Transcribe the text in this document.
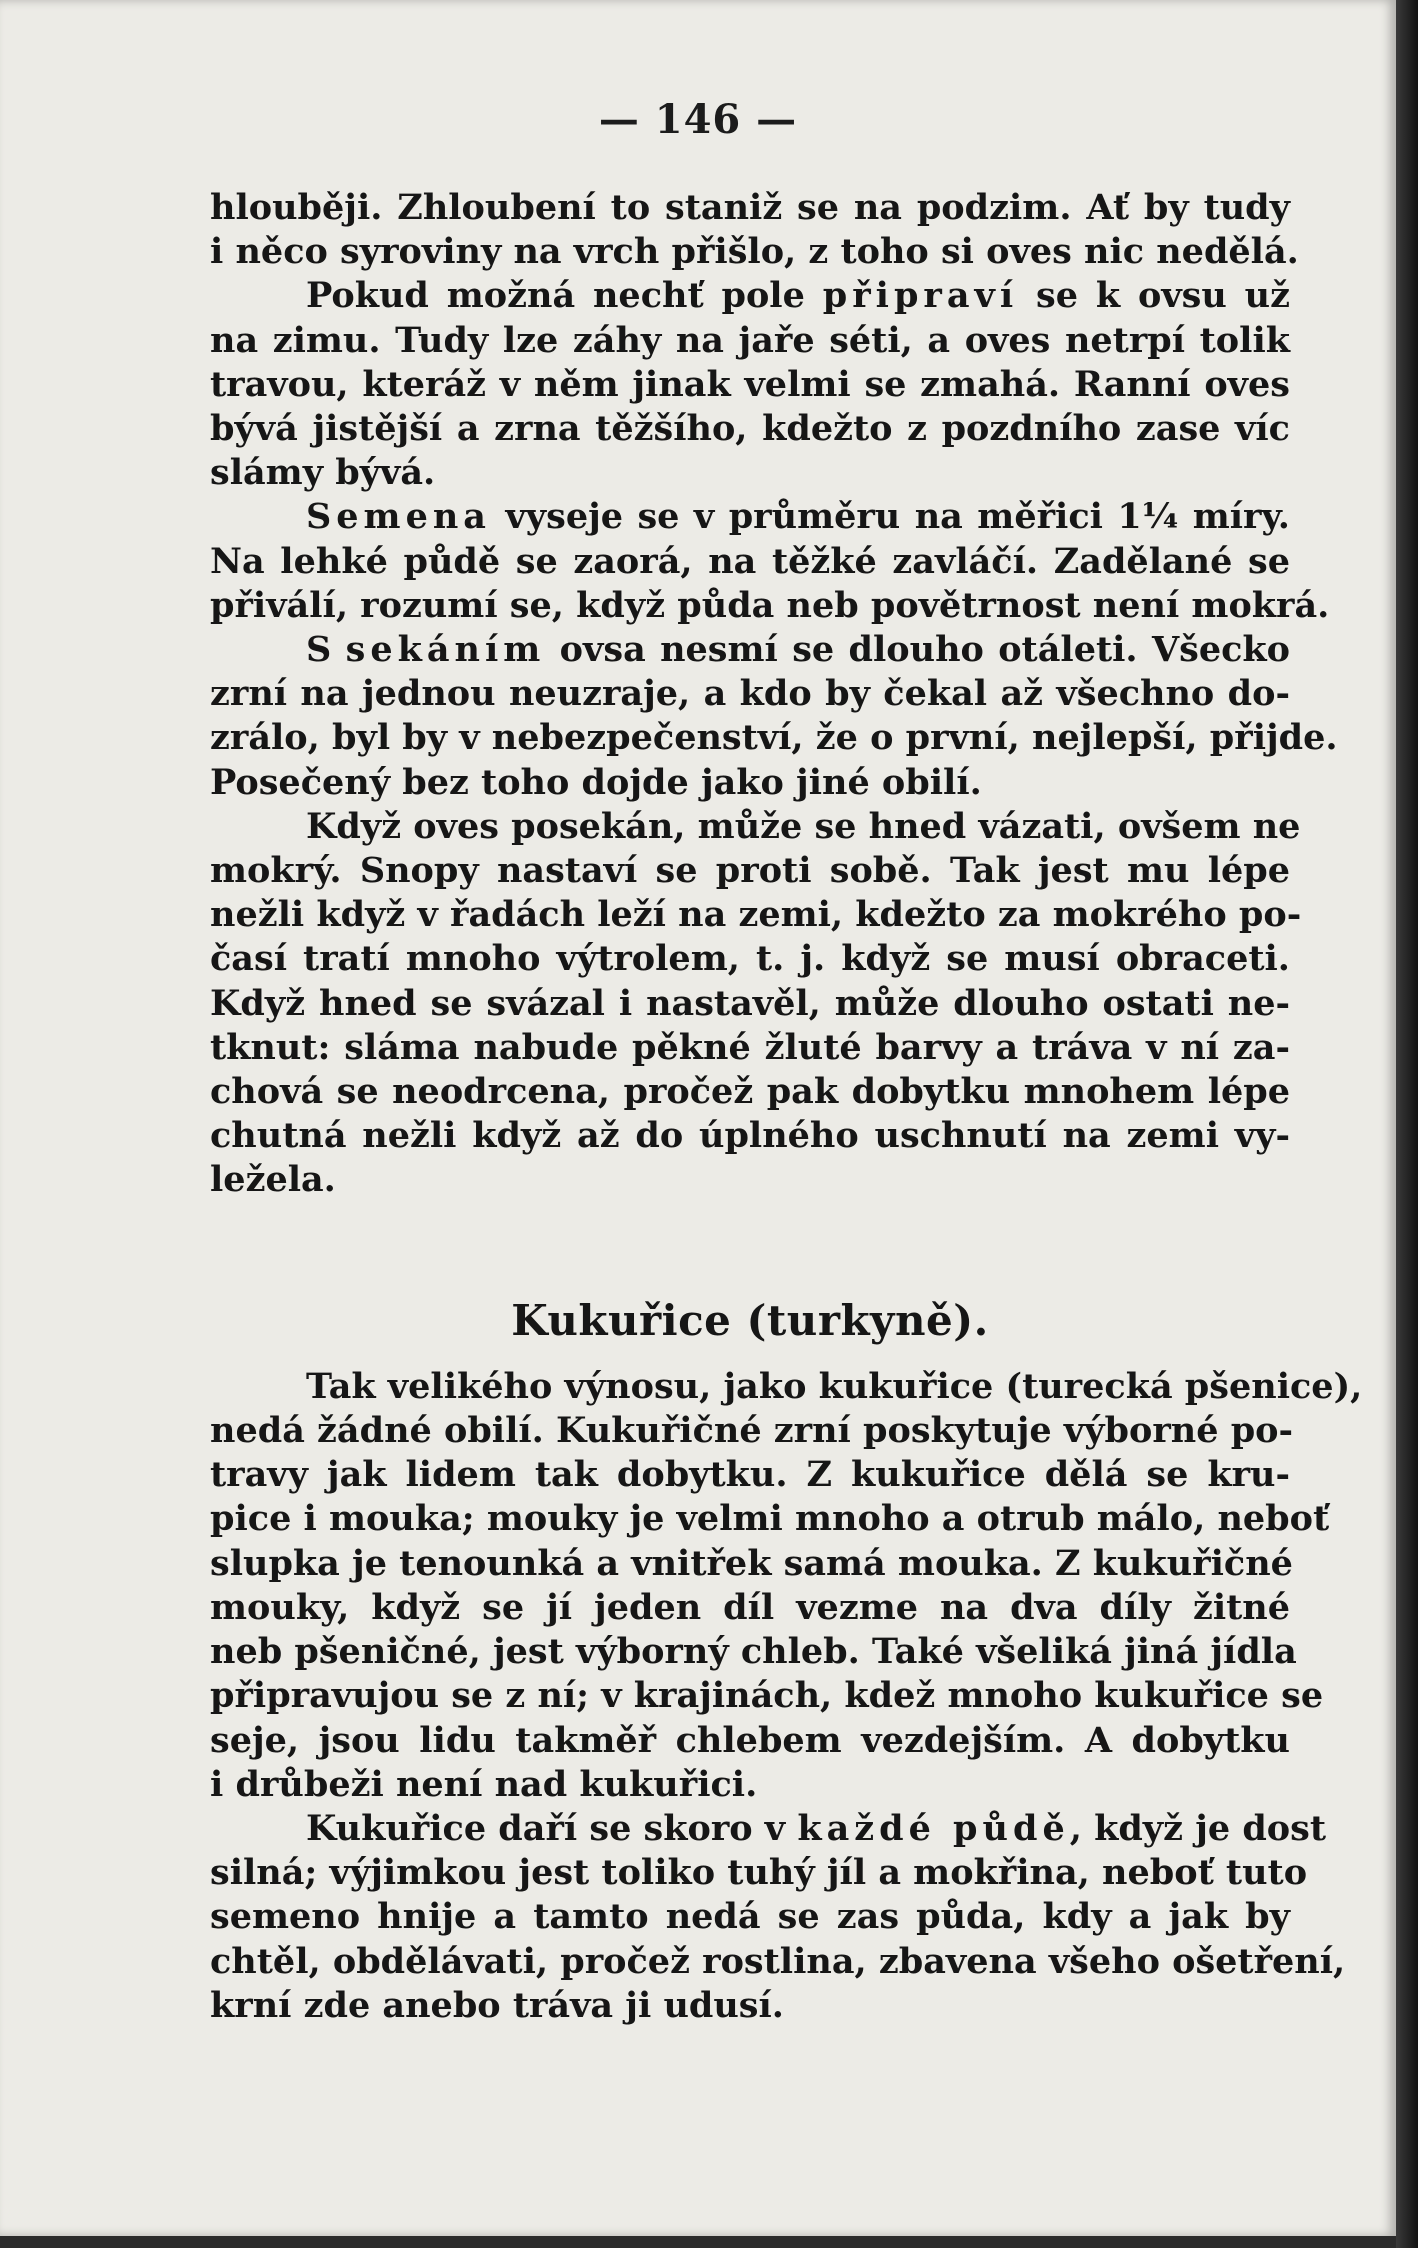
— 146 —
hlouběji. Zhloubení to staniž se na podzim. Ať by tudy
i něco syroviny na vrch přišlo, z toho si oves nic nedělá.
Pokud možná nechť pole připraví se k ovsu už
na zimu. Tudy lze záhy na jaře séti, a oves netrpí tolik
travou, kteráž v něm jinak velmi se zmahá. Ranní oves
bývá jistější a zrna těžšího, kdežto z pozdního zase víc
slámy bývá.
Semena vyseje se v průměru na měřici 1¼ míry.
Na lehké půdě se zaorá, na těžké zavláčí. Zadělané se
přiválí, rozumí se, když půda neb povětrnost není mokrá.
S sekáním ovsa nesmí se dlouho otáleti. Všecko
zrní na jednou neuzraje, a kdo by čekal až všechno do-
zrálo, byl by v nebezpečenství, že o první, nejlepší, přijde.
Posečený bez toho dojde jako jiné obilí.
Když oves posekán, může se hned vázati, ovšem ne
mokrý. Snopy nastaví se proti sobě. Tak jest mu lépe
nežli když v řadách leží na zemi, kdežto za mokrého po-
časí tratí mnoho výtrolem, t. j. když se musí obraceti.
Když hned se svázal i nastavěl, může dlouho ostati ne-
tknut: sláma nabude pěkné žluté barvy a tráva v ní za-
chová se neodrcena, pročež pak dobytku mnohem lépe
chutná nežli když až do úplného uschnutí na zemi vy-
ležela.
Kukuřice (turkyně).
Tak velikého výnosu, jako kukuřice (turecká pšenice),
nedá žádné obilí. Kukuřičné zrní poskytuje výborné po-
travy jak lidem tak dobytku. Z kukuřice dělá se kru-
pice i mouka; mouky je velmi mnoho a otrub málo, neboť
slupka je tenounká a vnitřek samá mouka. Z kukuřičné
mouky, když se jí jeden díl vezme na dva díly žitné
neb pšeničné, jest výborný chleb. Také všeliká jiná jídla
připravujou se z ní; v krajinách, kdež mnoho kukuřice se
seje, jsou lidu takměř chlebem vezdejším. A dobytku
i drůbeži není nad kukuřici.
Kukuřice daří se skoro v každé půdě, když je dost
silná; výjimkou jest toliko tuhý jíl a mokřina, neboť tuto
semeno hnije a tamto nedá se zas půda, kdy a jak by
chtěl, obdělávati, pročež rostlina, zbavena všeho ošetření,
krní zde anebo tráva ji udusí.
